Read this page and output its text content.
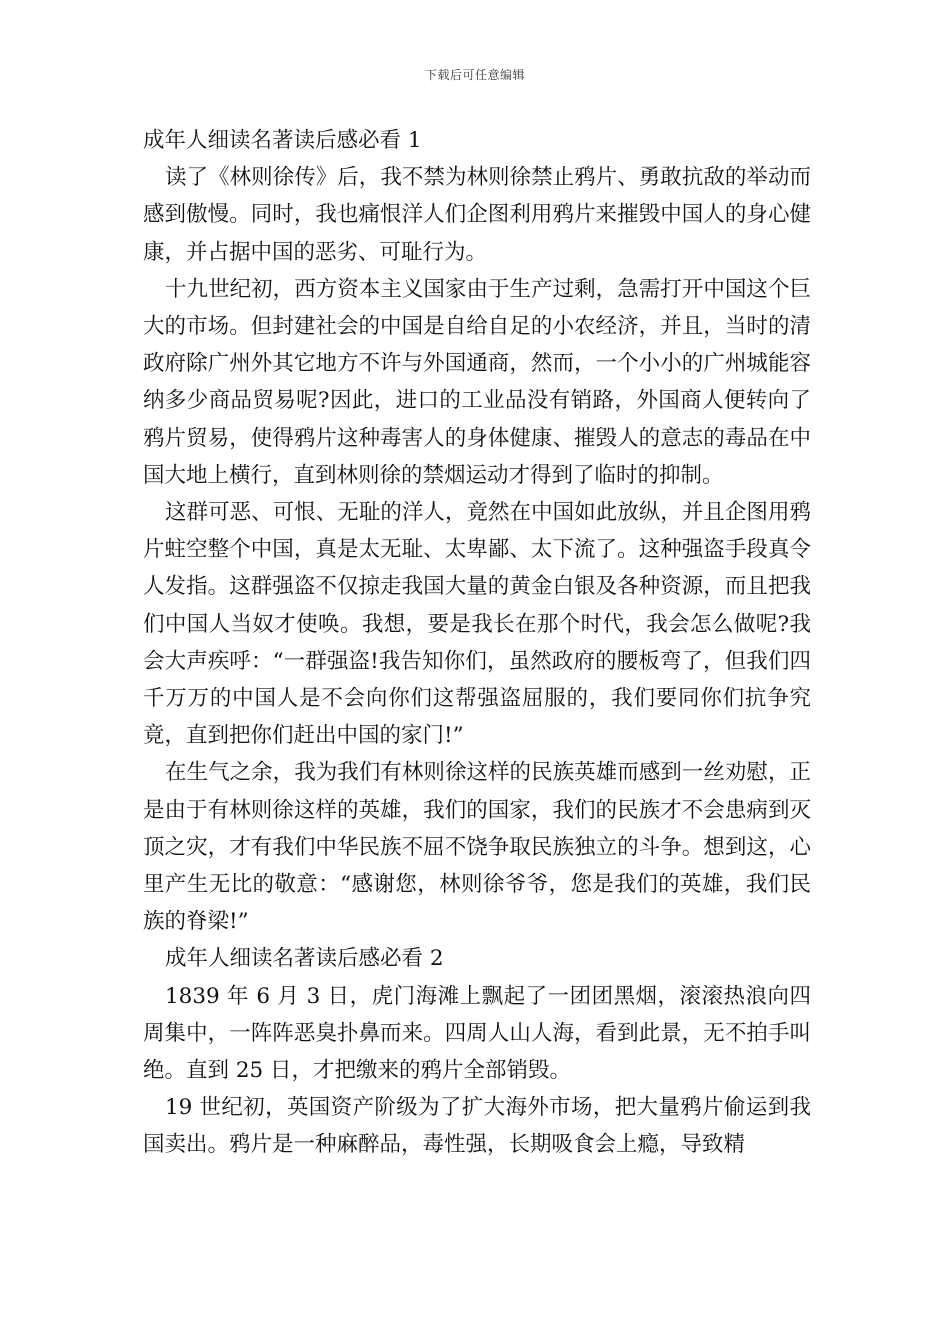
下载后可任意编辑

成年人细读名著读后感必看 1

读了《林则徐传》后，我不禁为林则徐禁止鸦片、勇敢抗敌的举动而感到傲慢。同时，我也痛恨洋人们企图利用鸦片来摧毁中国人的身心健康，并占据中国的恶劣、可耻行为。

十九世纪初，西方资本主义国家由于生产过剩，急需打开中国这个巨大的市场。但封建社会的中国是自给自足的小农经济，并且，当时的清政府除广州外其它地方不许与外国通商，然而，一个小小的广州城能容纳多少商品贸易呢?因此，进口的工业品没有销路，外国商人便转向了鸦片贸易，使得鸦片这种毒害人的身体健康、摧毁人的意志的毒品在中国大地上横行，直到林则徐的禁烟运动才得到了临时的抑制。

这群可恶、可恨、无耻的洋人，竟然在中国如此放纵，并且企图用鸦片蛀空整个中国，真是太无耻、太卑鄙、太下流了。这种强盗手段真令人发指。这群强盗不仅掠走我国大量的黄金白银及各种资源，而且把我们中国人当奴才使唤。我想，要是我长在那个时代，我会怎么做呢?我会大声疾呼：“一群强盗!我告知你们，虽然政府的腰板弯了，但我们四千万万的中国人是不会向你们这帮强盗屈服的，我们要同你们抗争究竟，直到把你们赶出中国的家门!”

在生气之余，我为我们有林则徐这样的民族英雄而感到一丝劝慰，正是由于有林则徐这样的英雄，我们的国家，我们的民族才不会患病到灭顶之灾，才有我们中华民族不屈不饶争取民族独立的斗争。想到这，心里产生无比的敬意：“感谢您，林则徐爷爷，您是我们的英雄，我们民族的脊梁!”

成年人细读名著读后感必看 2

1839 年 6 月 3 日，虎门海滩上飘起了一团团黑烟，滚滚热浪向四周集中，一阵阵恶臭扑鼻而来。四周人山人海，看到此景，无不拍手叫绝。直到 25 日，才把缴来的鸦片全部销毁。

19 世纪初，英国资产阶级为了扩大海外市场，把大量鸦片偷运到我国卖出。鸦片是一种麻醉品，毒性强，长期吸食会上瘾，导致精
